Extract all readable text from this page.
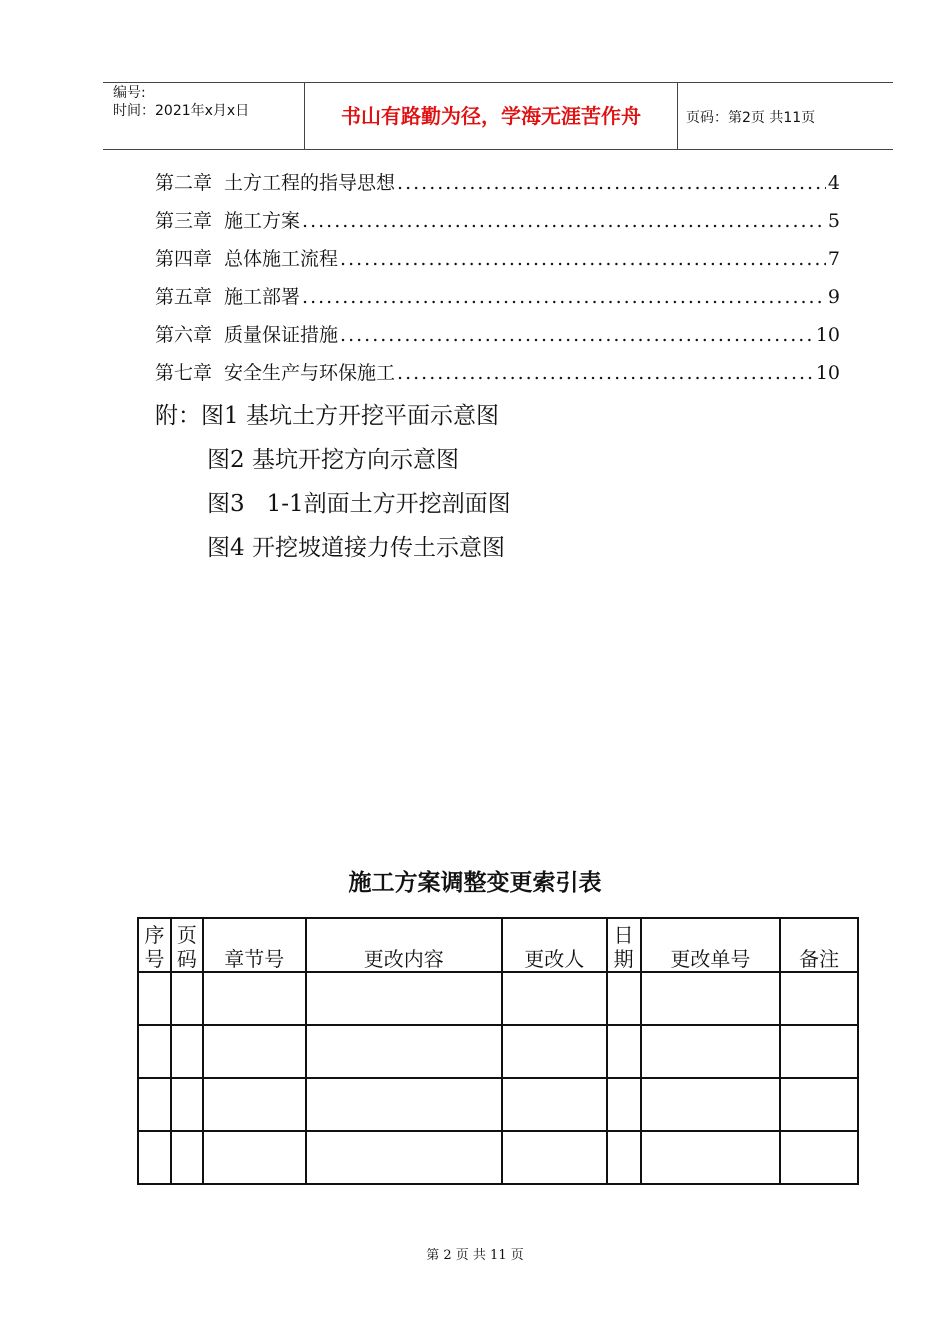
编号:
时间：2021年x月x日	书山有路勤为径，学海无涯苦作舟	页码：第2页 共11页
第二章 土方工程的指导思想 .....	4
第三章 施工方案 .....	5
第四章 总体施工流程 .....	7
第五章 施工部署 .....	9
第六章 质量保证措施 .....	10
第七章 安全生产与环保施工 .....	10
附：图1 基坑土方开挖平面示意图
图2 基坑开挖方向示意图
图3   1-1剖面土方开挖剖面图
图4 开挖坡道接力传土示意图
施工方案调整变更索引表
序号	页码	章节号	更改内容	更改人	日期	更改单号	备注

第 2 页 共 11 页
